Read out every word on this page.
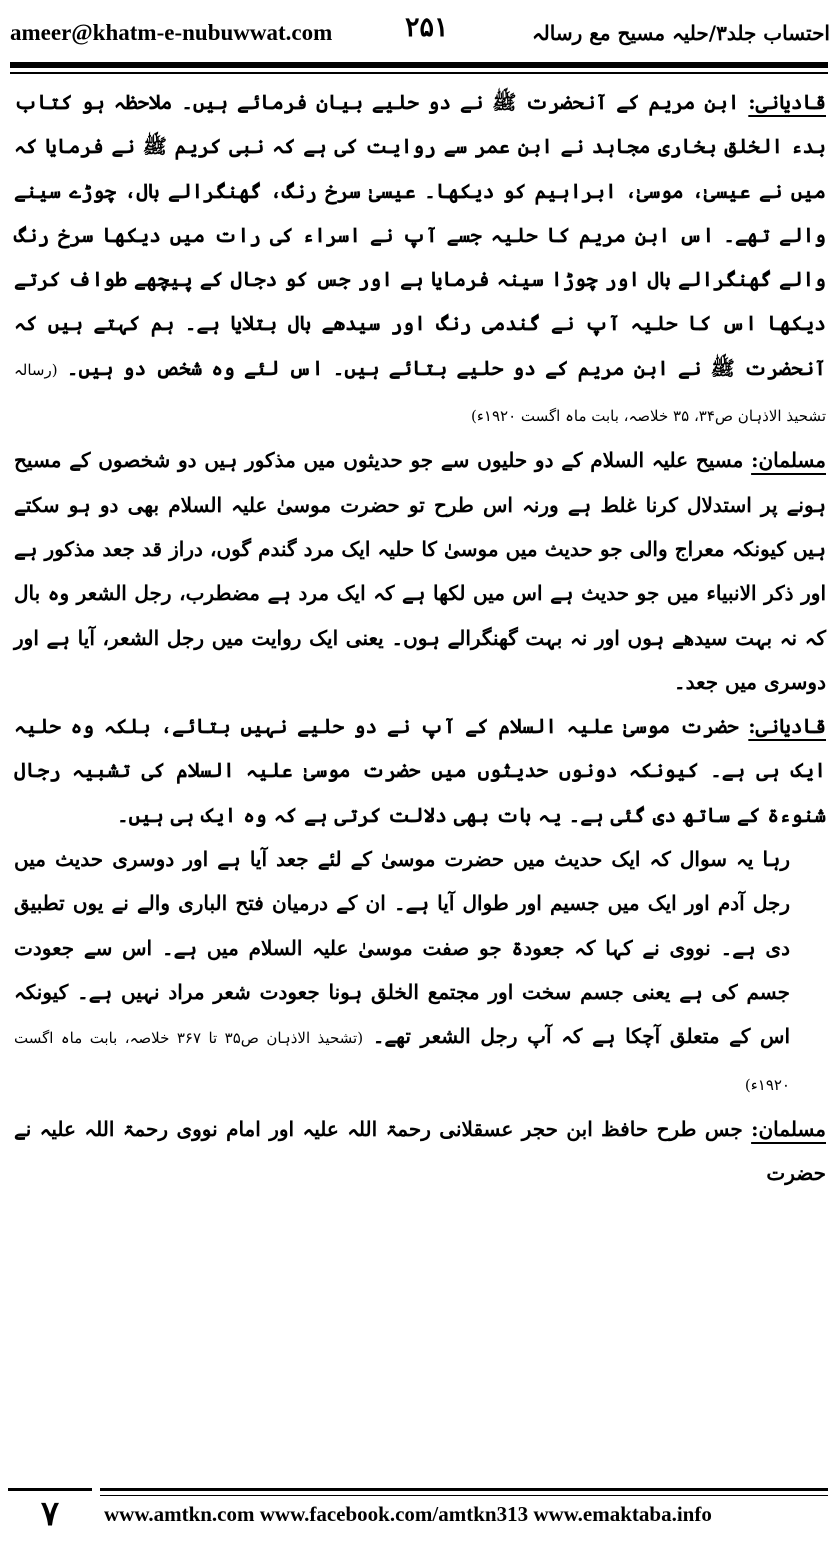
ameer@khatm-e-nubuwwat.com	۲۵۱	احتساب جلد۳/حلیہ مسیح مع رسالہ

قادیانی: ابن مریم کے آنحضرت ﷺ نے دو حلیے بیان فرمائے ہیں۔ ملاحظہ ہو کتاب بدء الخلق بخاری مجاہد نے ابن عمر سے روایت کی ہے کہ نبی کریم ﷺ نے فرمایا کہ میں نے عیسیٰ، موسیٰ، ابراہیم کو دیکھا۔ عیسیٰ سرخ رنگ، گھنگرالے بال، چوڑے سینے والے تھے۔ اس ابن مریم کا حلیہ جسے آپ نے اسراء کی رات میں دیکھا سرخ رنگ والے گھنگرالے بال اور چوڑا سینہ فرمایا ہے اور جس کو دجال کے پیچھے طواف کرتے دیکھا اس کا حلیہ آپ نے گندمی رنگ اور سیدھے بال بتلایا ہے۔ ہم کہتے ہیں کہ آنحضرت ﷺ نے ابن مریم کے دو حلیے بتائے ہیں۔ اس لئے وہ شخص دو ہیں۔ (رسالہ تشحیذ الاذہان ص۳۴، ۳۵ خلاصہ، بابت ماہ اگست ۱۹۲۰ء)

مسلمان: مسیح علیہ السلام کے دو حلیوں سے جو حدیثوں میں مذکور ہیں دو شخصوں کے مسیح ہونے پر استدلال کرنا غلط ہے ورنہ اس طرح تو حضرت موسیٰ علیہ السلام بھی دو ہو سکتے ہیں کیونکہ معراج والی جو حدیث میں موسیٰ کا حلیہ ایک مرد گندم گوں، دراز قد جعد مذکور ہے اور ذکر الانبیاء میں جو حدیث ہے اس میں لکھا ہے کہ ایک مرد ہے مضطرب، رجل الشعر وہ بال کہ نہ بہت سیدھے ہوں اور نہ بہت گھنگرالے ہوں۔ یعنی ایک روایت میں رجل الشعر، آیا ہے اور دوسری میں جعد۔

قادیانی: حضرت موسیٰ علیہ السلام کے آپ نے دو حلیے نہیں بتائے، بلکہ وہ حلیہ ایک ہی ہے۔ کیونکہ دونوں حدیثوں میں حضرت موسیٰ علیہ السلام کی تشبیہ رجال شنوءۃ کے ساتھ دی گئی ہے۔ یہ بات بھی دلالت کرتی ہے کہ وہ ایک ہی ہیں۔

رہا یہ سوال کہ ایک حدیث میں حضرت موسیٰ کے لئے جعد آیا ہے اور دوسری حدیث میں رجل آدم اور ایک میں جسیم اور طوال آیا ہے۔ ان کے درمیان فتح الباری والے نے یوں تطبیق دی ہے۔ نووی نے کہا کہ جعودۃ جو صفت موسیٰ علیہ السلام میں ہے۔ اس سے جعودت جسم کی ہے یعنی جسم سخت اور مجتمع الخلق ہونا جعودت شعر مراد نہیں ہے۔ کیونکہ اس کے متعلق آچکا ہے کہ آپ رجل الشعر تھے۔ (تشحیذ الاذہان ص۳۵ تا ۳۶۷ خلاصہ، بابت ماہ اگست ۱۹۲۰ء)

مسلمان: جس طرح حافظ ابن حجر عسقلانی رحمۃ اللہ علیہ اور امام نووی رحمۃ اللہ علیہ نے حضرت

۷	www.amtkn.com www.facebook.com/amtkn313 www.emaktaba.info
